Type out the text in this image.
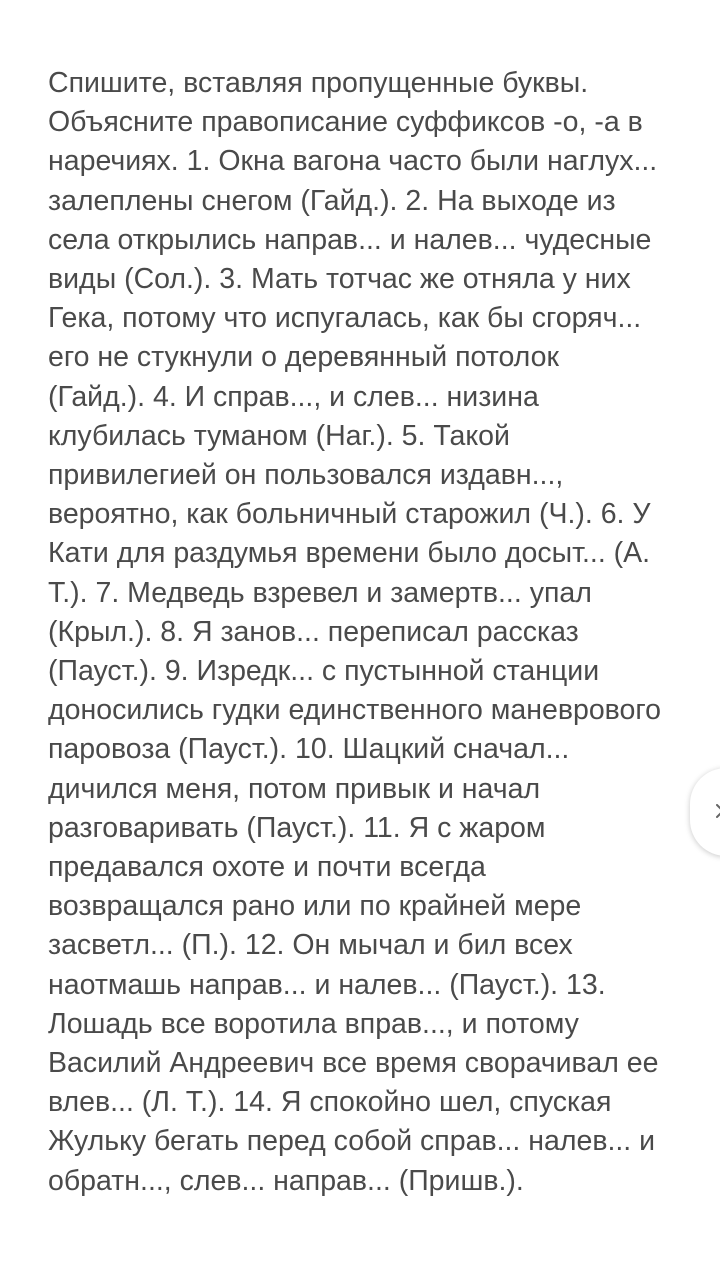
Спишите, вставляя пропущенные буквы.
Объясните правописание суффиксов -о, -а в
наречиях. 1. Окна вагона часто были наглух...
залеплены снегом (Гайд.). 2. На выходе из
села открылись направ... и налев... чудесные
виды (Сол.). 3. Мать тотчас же отняла у них
Гека, потому что испугалась, как бы сгоряч...
его не стукнули о деревянный потолок
(Гайд.). 4. И справ..., и слев... низина
клубилась туманом (Наг.). 5. Такой
привилегией он пользовался издавн...,
вероятно, как больничный старожил (Ч.). 6. У
Кати для раздумья времени было досыт... (А.
Т.). 7. Медведь взревел и замертв... упал
(Крыл.). 8. Я занов... переписал рассказ
(Пауст.). 9. Изредк... с пустынной станции
доносились гудки единственного маневрового
паровоза (Пауст.). 10. Шацкий сначал...
дичился меня, потом привык и начал
разговаривать (Пауст.). 11. Я с жаром
предавался охоте и почти всегда
возвращался рано или по крайней мере
засветл... (П.). 12. Он мычал и бил всех
наотмашь направ... и налев... (Пауст.). 13.
Лошадь все воротила вправ..., и потому
Василий Андреевич все время сворачивал ее
влев... (Л. Т.). 14. Я спокойно шел, спуская
Жульку бегать перед собой справ... налев... и
обратн..., слев... направ... (Пришв.).
